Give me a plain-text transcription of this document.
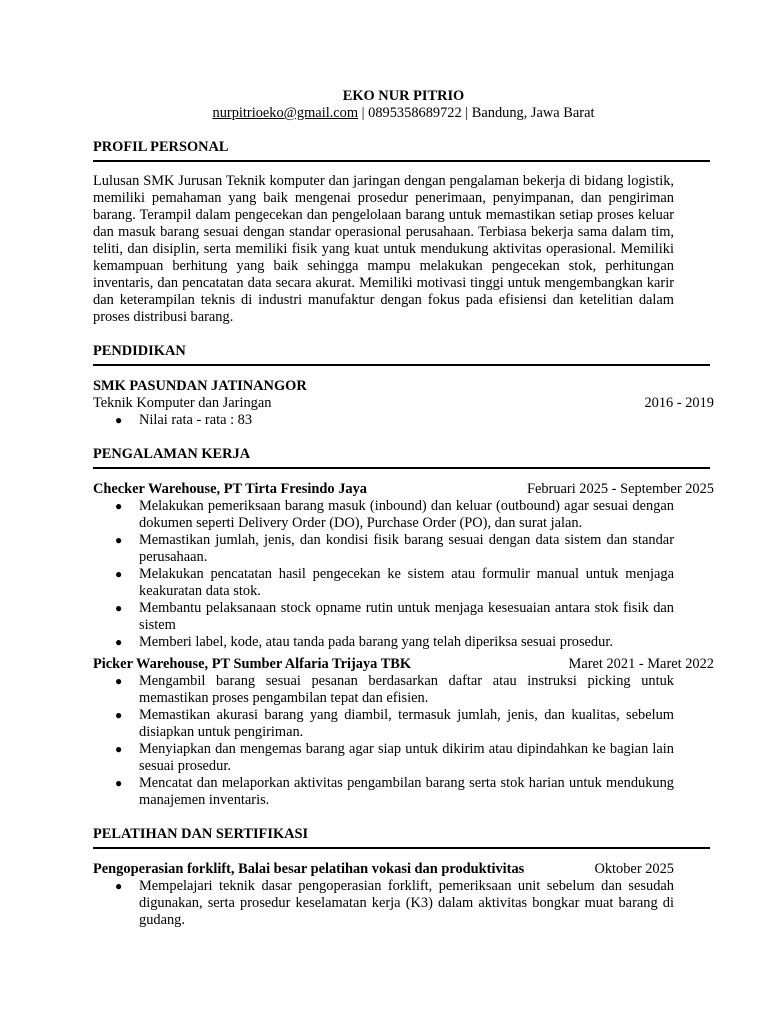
EKO NUR PITRIO
nurpitrioeko@gmail.com | 0895358689722 | Bandung, Jawa Barat
PROFIL PERSONAL
Lulusan SMK Jurusan Teknik komputer dan jaringan dengan pengalaman bekerja di bidang logistik, memiliki pemahaman yang baik mengenai prosedur penerimaan, penyimpanan, dan pengiriman barang. Terampil dalam pengecekan dan pengelolaan barang untuk memastikan setiap proses keluar dan masuk barang sesuai dengan standar operasional perusahaan. Terbiasa bekerja sama dalam tim, teliti, dan disiplin, serta memiliki fisik yang kuat untuk mendukung aktivitas operasional. Memiliki kemampuan berhitung yang baik sehingga mampu melakukan pengecekan stok, perhitungan inventaris, dan pencatatan data secara akurat. Memiliki motivasi tinggi untuk mengembangkan karir dan keterampilan teknis di industri manufaktur dengan fokus pada efisiensi dan ketelitian dalam proses distribusi barang.
PENDIDIKAN
SMK PASUNDAN JATINANGOR
Teknik Komputer dan Jaringan	2016 - 2019
● Nilai rata - rata : 83
PENGALAMAN KERJA
Checker Warehouse, PT Tirta Fresindo Jaya	Februari 2025 - September 2025
● Melakukan pemeriksaan barang masuk (inbound) dan keluar (outbound) agar sesuai dengan dokumen seperti Delivery Order (DO), Purchase Order (PO), dan surat jalan.
● Memastikan jumlah, jenis, dan kondisi fisik barang sesuai dengan data sistem dan standar perusahaan.
● Melakukan pencatatan hasil pengecekan ke sistem atau formulir manual untuk menjaga keakuratan data stok.
● Membantu pelaksanaan stock opname rutin untuk menjaga kesesuaian antara stok fisik dan sistem
● Memberi label, kode, atau tanda pada barang yang telah diperiksa sesuai prosedur.
Picker Warehouse, PT Sumber Alfaria Trijaya TBK	Maret 2021 - Maret 2022
● Mengambil barang sesuai pesanan berdasarkan daftar atau instruksi picking untuk memastikan proses pengambilan tepat dan efisien.
● Memastikan akurasi barang yang diambil, termasuk jumlah, jenis, dan kualitas, sebelum disiapkan untuk pengiriman.
● Menyiapkan dan mengemas barang agar siap untuk dikirim atau dipindahkan ke bagian lain sesuai prosedur.
● Mencatat dan melaporkan aktivitas pengambilan barang serta stok harian untuk mendukung manajemen inventaris.
PELATIHAN DAN SERTIFIKASI
Pengoperasian forklift, Balai besar pelatihan vokasi dan produktivitas	Oktober 2025
● Mempelajari teknik dasar pengoperasian forklift, pemeriksaan unit sebelum dan sesudah digunakan, serta prosedur keselamatan kerja (K3) dalam aktivitas bongkar muat barang di gudang.
